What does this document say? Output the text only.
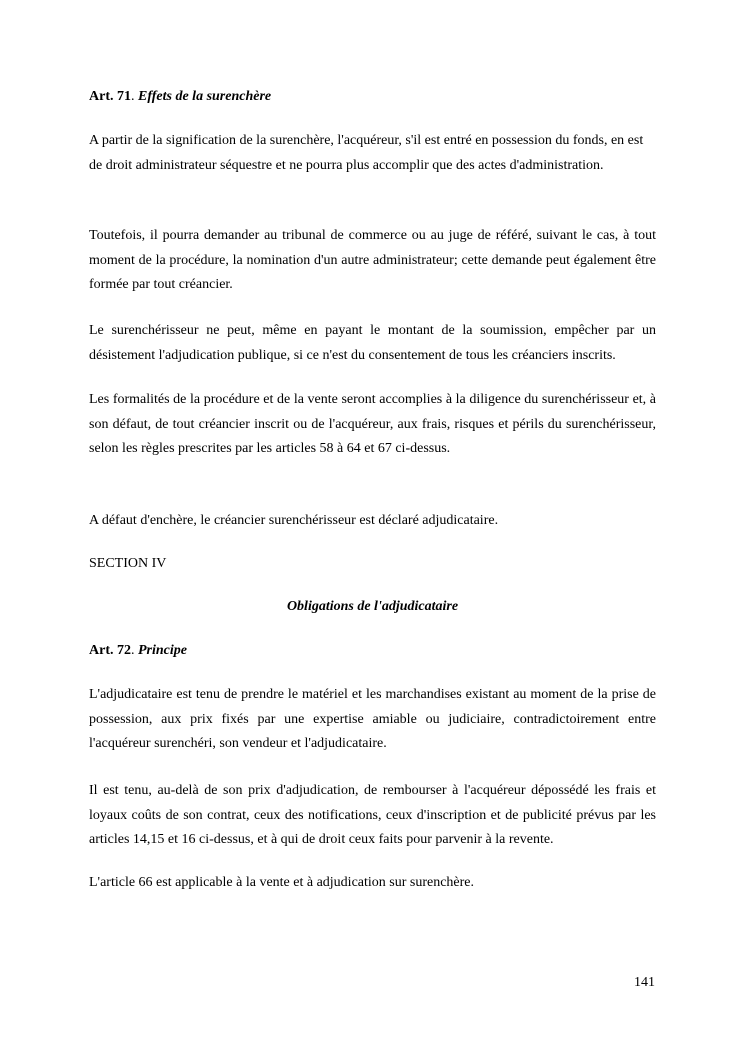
Art. 71. Effets de la surenchère
A partir de la signification de la surenchère, l'acquéreur, s'il est entré en possession du fonds, en est de droit administrateur séquestre et ne pourra plus accomplir que des actes d'administration.
Toutefois, il pourra demander au tribunal de commerce ou au juge de référé, suivant le cas, à tout moment de la procédure, la nomination d'un autre administrateur; cette demande peut également être formée par tout créancier.
Le surenchérisseur ne peut, même en payant le montant de la soumission, empêcher par un désistement l'adjudication publique, si ce n'est du consentement de tous les créanciers inscrits.
Les formalités de la procédure et de la vente seront accomplies à la diligence du surenchérisseur et, à son défaut, de tout créancier inscrit ou de l'acquéreur, aux frais, risques et périls du surenchérisseur, selon les règles prescrites par les articles 58 à 64 et 67 ci-dessus.
A défaut d'enchère, le créancier surenchérisseur est déclaré adjudicataire.
SECTION IV
Obligations de l'adjudicataire
Art. 72. Principe
L'adjudicataire est tenu de prendre le matériel et les marchandises existant au moment de la prise de possession, aux prix fixés par une expertise amiable ou judiciaire, contradictoirement entre l'acquéreur surenchéri, son vendeur et l'adjudicataire.
Il est tenu, au-delà de son prix d'adjudication, de rembourser à l'acquéreur dépossédé les frais et loyaux coûts de son contrat, ceux des notifications, ceux d'inscription et de publicité prévus par les articles 14,15 et 16 ci-dessus, et à qui de droit ceux faits pour parvenir à la revente.
L'article 66 est applicable à la vente et à adjudication sur surenchère.
141
